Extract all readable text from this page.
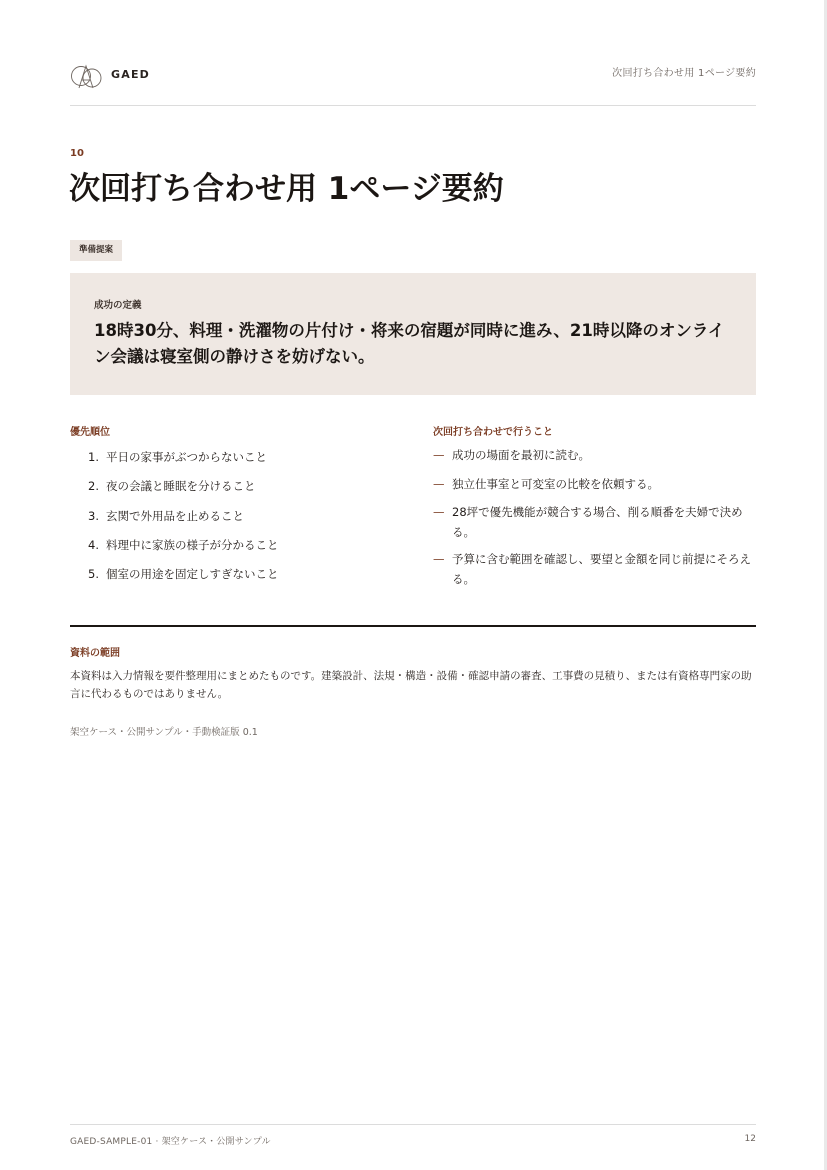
GAED	次回打ち合わせ用 1ページ要約
10
次回打ち合わせ用 1ページ要約
準備提案
成功の定義

18時30分、料理・洗濯物の片付け・将来の宿題が同時に進み、21時以降のオンライン会議は寝室側の静けさを妨げない。

優先順位
1. 平日の家事がぶつからないこと
2. 夜の会議と睡眠を分けること
3. 玄関で外用品を止めること
4. 料理中に家族の様子が分かること
5. 個室の用途を固定しすぎないこと
次回打ち合わせで行うこと
— 成功の場面を最初に読む。
— 独立仕事室と可変室の比較を依頼する。
— 28坪で優先機能が競合する場合、削る順番を夫婦で決める。
— 予算に含む範囲を確認し、要望と金額を同じ前提にそろえる。
資料の範囲

本資料は入力情報を要件整理用にまとめたものです。建築設計、法規・構造・設備・確認申請の審査、工事費の見積り、または有資格専門家の助言に代わるものではありません。

架空ケース・公開サンプル・手動検証版 0.1
GAED-SAMPLE-01 · 架空ケース・公開サンプル	12
